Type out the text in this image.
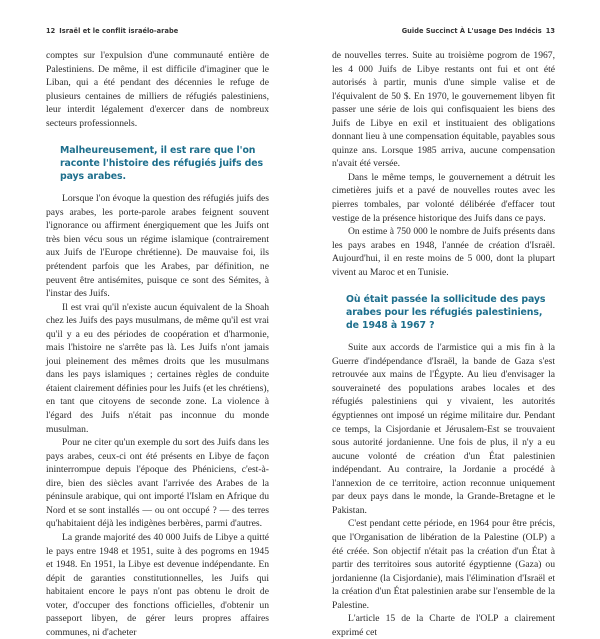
12 Israël et le conflit israélo-arabe

comptes sur l'expulsion d'une communauté entière de Palestiniens. De même, il est difficile d'imaginer que le Liban, qui a été pendant des décennies le refuge de plusieurs centaines de milliers de réfugiés palestiniens, leur interdit légalement d'exercer dans de nombreux secteurs professionnels.

Malheureusement, il est rare que l'on raconte l'histoire des réfugiés juifs des pays arabes.

Lorsque l'on évoque la question des réfugiés juifs des pays arabes, les porte-parole arabes feignent souvent l'ignorance ou affirment énergiquement que les Juifs ont très bien vécu sous un régime islamique (contrairement aux Juifs de l'Europe chrétienne). De mauvaise foi, ils prétendent parfois que les Arabes, par définition, ne peuvent être antisémites, puisque ce sont des Sémites, à l'instar des Juifs.

Il est vrai qu'il n'existe aucun équivalent de la Shoah chez les Juifs des pays musulmans, de même qu'il est vrai qu'il y a eu des périodes de coopération et d'harmonie, mais l'histoire ne s'arrête pas là. Les Juifs n'ont jamais joui pleinement des mêmes droits que les musulmans dans les pays islamiques ; certaines règles de conduite étaient clairement définies pour les Juifs (et les chrétiens), en tant que citoyens de seconde zone. La violence à l'égard des Juifs n'était pas inconnue du monde musulman.

Pour ne citer qu'un exemple du sort des Juifs dans les pays arabes, ceux-ci ont été présents en Libye de façon ininterrompue depuis l'époque des Phéniciens, c'est-à-dire, bien des siècles avant l'arrivée des Arabes de la péninsule arabique, qui ont importé l'Islam en Afrique du Nord et se sont installés — ou ont occupé ? — des terres qu'habitaient déjà les indigènes berbères, parmi d'autres.

La grande majorité des 40 000 Juifs de Libye a quitté le pays entre 1948 et 1951, suite à des pogroms en 1945 et 1948. En 1951, la Libye est devenue indépendante. En dépit de garanties constitutionnelles, les Juifs qui habitaient encore le pays n'ont pas obtenu le droit de voter, d'occuper des fonctions officielles, d'obtenir un passeport libyen, de gérer leurs propres affaires communes, ni d'acheter

Guide Succinct À L'usage Des Indécis 13

de nouvelles terres. Suite au troisième pogrom de 1967, les 4 000 Juifs de Libye restants ont fui et ont été autorisés à partir, munis d'une simple valise et de l'équivalent de 50 $. En 1970, le gouvernement libyen fit passer une série de lois qui confisquaient les biens des Juifs de Libye en exil et instituaient des obligations donnant lieu à une compensation équitable, payables sous quinze ans. Lorsque 1985 arriva, aucune compensation n'avait été versée.

Dans le même temps, le gouvernement a détruit les cimetières juifs et a pavé de nouvelles routes avec les pierres tombales, par volonté délibérée d'effacer tout vestige de la présence historique des Juifs dans ce pays.

On estime à 750 000 le nombre de Juifs présents dans les pays arabes en 1948, l'année de création d'Israël. Aujourd'hui, il en reste moins de 5 000, dont la plupart vivent au Maroc et en Tunisie.

Où était passée la sollicitude des pays arabes pour les réfugiés palestiniens, de 1948 à 1967 ?

Suite aux accords de l'armistice qui a mis fin à la Guerre d'indépendance d'Israël, la bande de Gaza s'est retrouvée aux mains de l'Égypte. Au lieu d'envisager la souveraineté des populations arabes locales et des réfugiés palestiniens qui y vivaient, les autorités égyptiennes ont imposé un régime militaire dur. Pendant ce temps, la Cisjordanie et Jérusalem-Est se trouvaient sous autorité jordanienne. Une fois de plus, il n'y a eu aucune volonté de création d'un État palestinien indépendant. Au contraire, la Jordanie a procédé à l'annexion de ce territoire, action reconnue uniquement par deux pays dans le monde, la Grande-Bretagne et le Pakistan.

C'est pendant cette période, en 1964 pour être précis, que l'Organisation de libération de la Palestine (OLP) a été créée. Son objectif n'était pas la création d'un État à partir des territoires sous autorité égyptienne (Gaza) ou jordanienne (la Cisjordanie), mais l'élimination d'Israël et la création d'un État palestinien arabe sur l'ensemble de la Palestine.

L'article 15 de la Charte de l'OLP a clairement exprimé cet
